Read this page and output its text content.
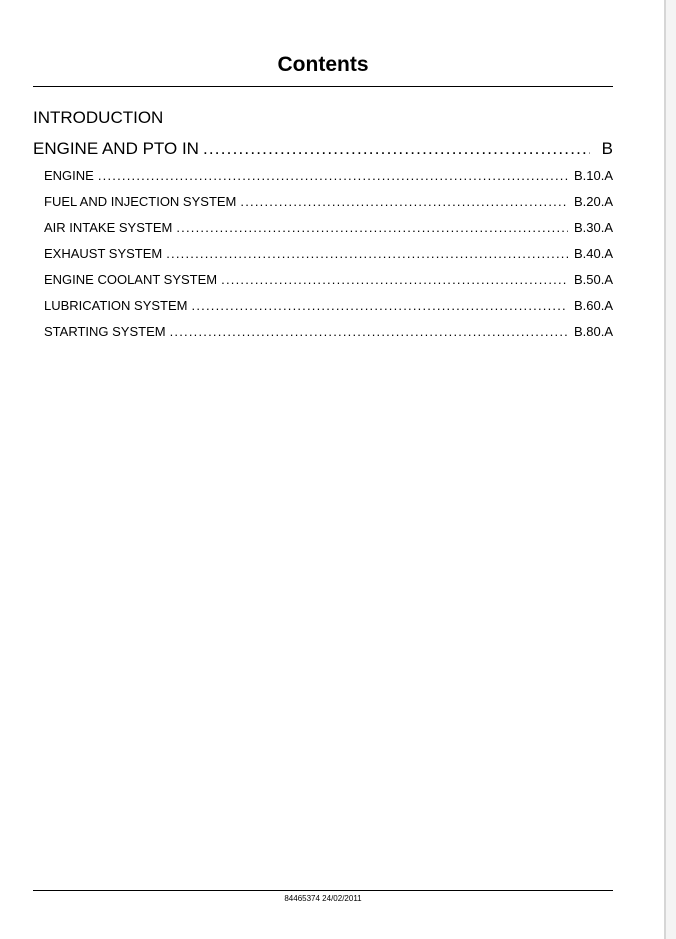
Contents
INTRODUCTION
ENGINE AND PTO IN .....	B
ENGINE .....	B.10.A
FUEL AND INJECTION SYSTEM .....	B.20.A
AIR INTAKE SYSTEM .....	B.30.A
EXHAUST SYSTEM .....	B.40.A
ENGINE COOLANT SYSTEM .....	B.50.A
LUBRICATION SYSTEM .....	B.60.A
STARTING SYSTEM .....	B.80.A
84465374 24/02/2011
